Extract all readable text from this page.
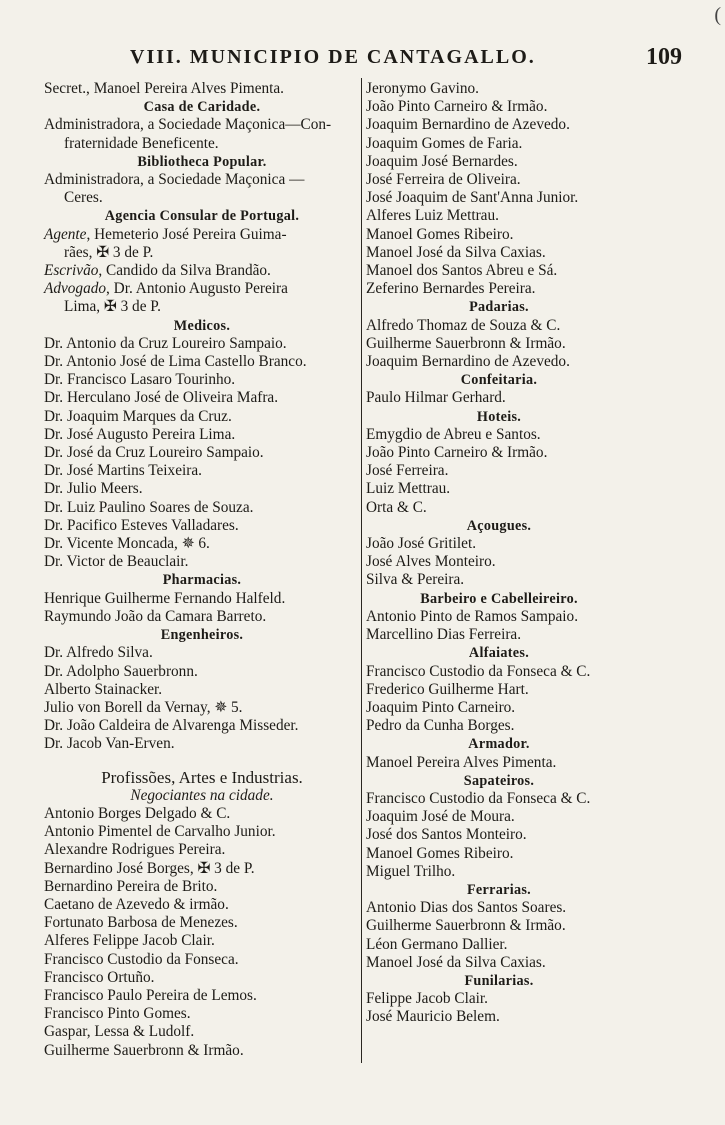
(
VIII. MUNICIPIO DE CANTAGALLO.	109
Secret., Manoel Pereira Alves Pimenta.
Casa de Caridade.
Administradora, a Sociedade Maçonica—Con-
fraternidade Beneficente.
Bibliotheca Popular.
Administradora, a Sociedade Maçonica —
Ceres.
Agencia Consular de Portugal.
Agente, Hemeterio José Pereira Guima-
rães, ✠ 3 de P.
Escrivão, Candido da Silva Brandão.
Advogado, Dr. Antonio Augusto Pereira
Lima, ✠ 3 de P.
Medicos.
Dr. Antonio da Cruz Loureiro Sampaio.
Dr. Antonio José de Lima Castello Branco.
Dr. Francisco Lasaro Tourinho.
Dr. Herculano José de Oliveira Mafra.
Dr. Joaquim Marques da Cruz.
Dr. José Augusto Pereira Lima.
Dr. José da Cruz Loureiro Sampaio.
Dr. José Martins Teixeira.
Dr. Julio Meers.
Dr. Luiz Paulino Soares de Souza.
Dr. Pacifico Esteves Valladares.
Dr. Vicente Moncada, ✵ 6.
Dr. Victor de Beauclair.
Pharmacias.
Henrique Guilherme Fernando Halfeld.
Raymundo João da Camara Barreto.
Engenheiros.
Dr. Alfredo Silva.
Dr. Adolpho Sauerbronn.
Alberto Stainacker.
Julio von Borell da Vernay, ✵ 5.
Dr. João Caldeira de Alvarenga Misseder.
Dr. Jacob Van-Erven.
Profissões, Artes e Industrias.
Negociantes na cidade.
Antonio Borges Delgado & C.
Antonio Pimentel de Carvalho Junior.
Alexandre Rodrigues Pereira.
Bernardino José Borges, ✠ 3 de P.
Bernardino Pereira de Brito.
Caetano de Azevedo & irmão.
Fortunato Barbosa de Menezes.
Alferes Felippe Jacob Clair.
Francisco Custodio da Fonseca.
Francisco Ortuño.
Francisco Paulo Pereira de Lemos.
Francisco Pinto Gomes.
Gaspar, Lessa & Ludolf.
Guilherme Sauerbronn & Irmão.
Jeronymo Gavino.
João Pinto Carneiro & Irmão.
Joaquim Bernardino de Azevedo.
Joaquim Gomes de Faria.
Joaquim José Bernardes.
José Ferreira de Oliveira.
José Joaquim de Sant'Anna Junior.
Alferes Luiz Mettrau.
Manoel Gomes Ribeiro.
Manoel José da Silva Caxias.
Manoel dos Santos Abreu e Sá.
Zeferino Bernardes Pereira.
Padarias.
Alfredo Thomaz de Souza & C.
Guilherme Sauerbronn & Irmão.
Joaquim Bernardino de Azevedo.
Confeitaria.
Paulo Hilmar Gerhard.
Hoteis.
Emygdio de Abreu e Santos.
João Pinto Carneiro & Irmão.
José Ferreira.
Luiz Mettrau.
Orta & C.
Açougues.
João José Gritilet.
José Alves Monteiro.
Silva & Pereira.
Barbeiro e Cabelleireiro.
Antonio Pinto de Ramos Sampaio.
Marcellino Dias Ferreira.
Alfaiates.
Francisco Custodio da Fonseca & C.
Frederico Guilherme Hart.
Joaquim Pinto Carneiro.
Pedro da Cunha Borges.
Armador.
Manoel Pereira Alves Pimenta.
Sapateiros.
Francisco Custodio da Fonseca & C.
Joaquim José de Moura.
José dos Santos Monteiro.
Manoel Gomes Ribeiro.
Miguel Trilho.
Ferrarias.
Antonio Dias dos Santos Soares.
Guilherme Sauerbronn & Irmão.
Léon Germano Dallier.
Manoel José da Silva Caxias.
Funilarias.
Felippe Jacob Clair.
José Mauricio Belem.
